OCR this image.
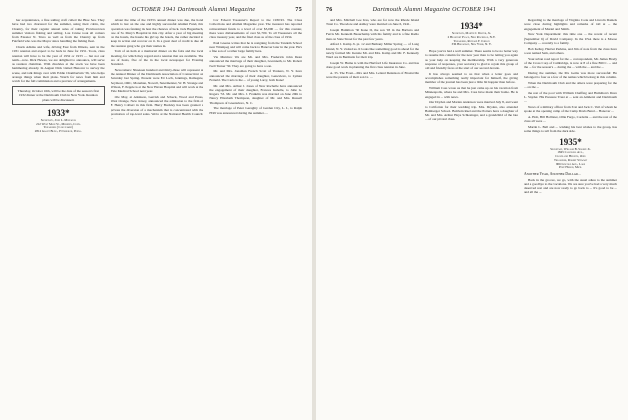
OCTOBER 1941 Dartmouth Alumni Magazine	75

her acquaintance, a fine sailing craft called the Blue Sea. They have had two chartered for the summer, using their cabin, the Chantry, for their regular annual sales of taking Provincetown summer visitors fishing and sailing. Lou Cruise took all comers from Eleanor N. Truro as well as from the Chantry up from Fairfield who was the Mayor since handling the fishing fleet.

Chuck Adkins and wife, driving East from Illinois, sent in the 1931 reunion and expect to be back in June for 1951. Toots, class reunion will have to be the year of 1932 or 1933 — but not our tenth—now. Dick Hewes, we are delighted to announce, will serve as reunion chairman. With chuckles at the stock we have been hammering already. In August Dick visited Hanover to survey the scene, and talk things over with Eddie Chamberlain '36, who helps arrange things when their plans. Watch for news from him and watch for the full commission and a preview of arrangements.

Thursday, October 16th, will be the date of the season's first 1932 dinner at the Dartmouth Club in New York. Reunion plans will be discussed.
1933*
Secretary, John L. Monahan
212 West Main St., Meriden, Conn.
Treasurer (to be named)
2812 Grant Bldg., Pittsburgh, Penna.

About the time of the 1933's annual dinner was due, the hotel which is last on the one and highly successful Alumni Fund, this operation was fanning its best the chances of luck. Jack Hagenbuch, one of St. Mary's Hospital in this city. After a year of big meeting on the hotels, the hassle his girl up the hotels, the rather decided to keep in action and recover on it. In a great deal of credit is due all the reunion gang who got their names in.

Tom of an item at a memorial dinner on the fairs and the local meeting, for which they regard and a reunion that are available. The tea of hosts, five of the in the local newspaper for Evening Standard.

Newcomers: Nineteen hundred and thirty-three will represent at the Annual Dinner of the Dartmouth Association of Connecticut on Saturday last Spring. Present were Ed Loch, Jennings, Ramsgate, Seymour, ORC, Monahan, Nowell, Sutermeister, W. H. Strange and Wilson, F. Pepple is at the New Haven Hospital and will work at the Yale Medical School next year.

Ole May, at Atkinson, Gerrish and Scheck, Wood and Pruss, West Orange, New Jersey, announced the admission to the firm of F. Henry Colbert in this firm. Harry Buckley has been granted a private the diversion of a mechanism that is concentrated with the promotion of top-level sales. We're at the National Health Council. ...

Cor Eckerd Treasurer's Report to the 1930'43. The Class Collections and Alumni Magazine year. The treasurer has reported reinvestment funds to a level of over $3,000 — for this counter, there were disbursements of over $1,700. To all Treasurers all the class treasury year, and the final class as of the class of 1934.

Paul Greene writes that he is resigning from the Tandem School near Winnipeg and will come back to Hanover later in the year. He's a fine son of a rather large family here.

Via Mutrino: We are Mr. and Mrs. Frederick John Dean announced the marriage of their daughter, Gwenneth, to Mr. Robert Ivell Turner '30. They are going to have a son.

Mr. and Mrs. Jonathan French Scott of Yonkers, N. Y. have announced the marriage of their daughter, Genevieve, to Lyman Fernald. The Carts is the ... of young Larry, both Kane!

Mr. and Mrs. Arthur J. Jones of New Rochelle have announced the engagement of their daughter, Frances Isabelle, to Julie G. Rogers '33. Mr. and Mrs. J. Franklin was married on June 29th to Nancy Elizabeth Thompson, daughter of Mr. and Mrs. Russell Thompson of Greensboro, N. C.

The marriage of Peter Geraghty of Garden City, L. I., to Ralph H'49 was announced during the summer. ...

76	Dartmouth Alumni Magazine OCTOBER 1941

and Mrs. Mitchell Lee Ives, who are for now the Rhode Island Trust Co. Theodore and Ashley were married on June 6, 1941.

Joseph Hamilton '30 Kane II, the son '93 in the Barbara and Ferris Mr. Kenneth Beauchamp with his family and is a fine Radio man on State Street for the past few years.

Alfred J. Kamp Jr. pt. 12 and Bethany Miller Spring — of Long Island, N. Y. visited us. It looks like something good is ahead for the newly formed Mr. Kenzie Mr. and Mrs. Kamp and Mr. F. Kennedy Ward are in Bermuda for their trip.

Joseph W. Hume is with the Hartford Life Insurance Co. and has done good work in planning the first class reunion in June.

A. 35. The Front—Mrs and Mrs. Leland Dennison of Bronxville were the parents of their son Lt. ...

1934*
Secretary, Martin J. Dwyer, Jr.
2 Beaufort Place, New Rochelle, N.Y.
Treasurer, Richard F. Jordan
336 Broadway, New York, N. Y.

Hope you've had a well summer. There seems to be no better way to resume this column for the new year than to be letting you again as your help on keeping the membership. With a very generous response of responses, your secretary is glad to rejoin this group of old and friendly faces at the start of our second decade.

It has always seemed to us that when a letter goes and accomplishes something really important for himself, the giving member of the journal has been just a little bit happier than before.

William Cass wrote us that he just came up on his vacation from Minneapolis, where he and Mrs. Cass have made their home. He is engaged in ... with news.

Our Dryden and Marian Anderson were married July 8, and went to California for their wedding trip. Mrs. Dryden, also attended Bamberger School. Baldwin Reel and the Potters have a daughter of Mr. and Mrs. Arthur Haye Schlesinger, and a grandchild of the late ... of our pivotal class.

Regarding to the marriage of Virginia Cook and Lincoln Daniels were close during highlights and remarks of tall at ... the engagement of Muriel and Smith.

New York Department: this time one ... the recent of recent (September 6) of David Company. In the USA there is a Moose Company — recently to a family.

Bob Kelley, Harriet Perkins, and Jim of note from the class have a son named Sam, and others.

Your urban road report for the ... correspondent, Mr. James Brady of the Cross Corp of Cambridge, is now at 8 of a fine Bill C. ... and the ... for the season's ... during the ... with the ... and the ...

During the summer, the Pru Gems was more successful: He belonged to four as a few of the names which belong in this column.

When the Dartmouth Club and the others were preparing for the ... on the ...

the rest of the pool with William Chaffing and Hamilton's Dave L. Snyder. His Pressure Trust at ... sent an Amherst and Dartmouth ...

News of a military officer from 31st and Jack C. Vail of whom he spoke at the opening camp of the Camp Davis Bend ... Hanover ...

A. Holt, Bill Hollister, Ollie Fargo, Cordelia ... and the rest of the class all were ...

Martin L. Bell and ... wishing his best wishes to the group, has some things to tell from the dark side.

1935*
Secretary, William B. Sharpe Jr.
1845 Caldwell Ave.,
Cleveland Heights, Ohio
Treasurer, Robert Stewart
906 Lincoln Ave., Lake
Port Huron, Mich.
Another Year, Another Dollar...

Back in the groove, we go, with the usual adieu to the summer and a goodbye to the vacations. We are sure you've had a very much deserved rest and are now ready to go back to ... It's good to be ... and all the ...
